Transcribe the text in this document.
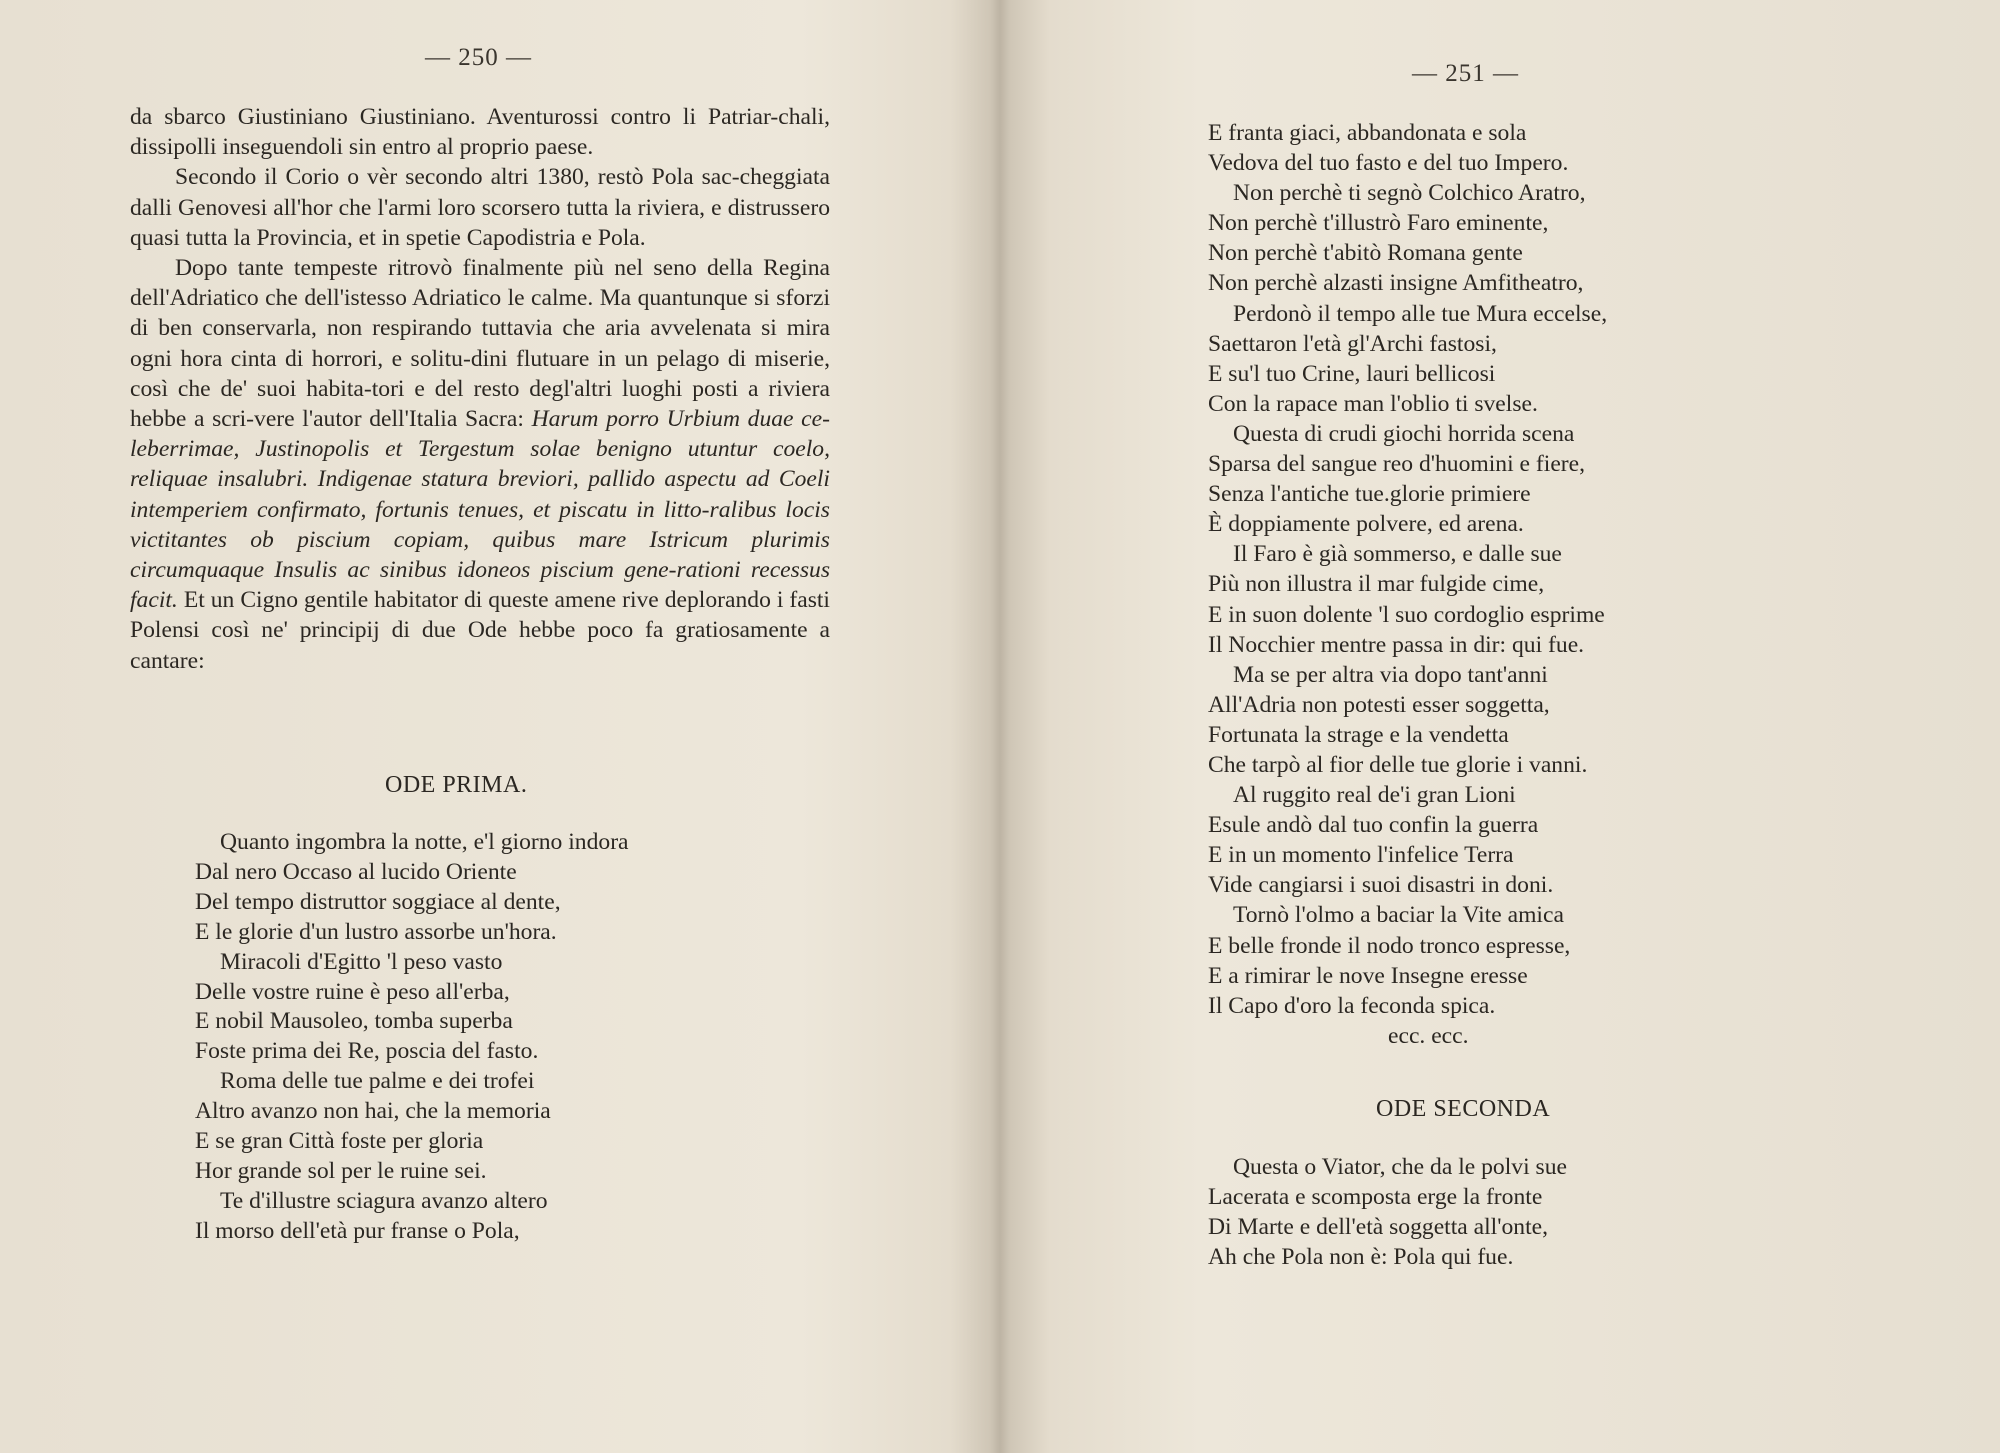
— 250 —

da sbarco Giustiniano Giustiniano. Aventurossi contro li Patriar-chali, dissipolli inseguendoli sin entro al proprio paese.

Secondo il Corio o vèr secondo altri 1380, restò Pola sac-cheggiata dalli Genovesi all'hor che l'armi loro scorsero tutta la riviera, e distrussero quasi tutta la Provincia, et in spetie Capodistria e Pola.

Dopo tante tempeste ritrovò finalmente più nel seno della Regina dell'Adriatico che dell'istesso Adriatico le calme. Ma quantunque si sforzi di ben conservarla, non respirando tuttavia che aria avvelenata si mira ogni hora cinta di horrori, e solitu-dini flutuare in un pelago di miserie, così che de' suoi habita-tori e del resto degl'altri luoghi posti a riviera hebbe a scri-vere l'autor dell'Italia Sacra: Harum porro Urbium duae ce-leberrimae, Justinopolis et Tergestum solae benigno utuntur coelo, reliquae insalubri. Indigenae statura breviori, pallido aspectu ad Coeli intemperiem confirmato, fortunis tenues, et piscatu in litto-ralibus locis victitantes ob piscium copiam, quibus mare Istricum plurimis circumquaque Insulis ac sinibus idoneos piscium gene-rationi recessus facit. Et un Cigno gentile habitator di queste amene rive deplorando i fasti Polensi così ne' principij di due Ode hebbe poco fa gratiosamente a cantare:

ODE PRIMA.
Quanto ingombra la notte, e'l giorno indora
Dal nero Occaso al lucido Oriente
Del tempo distruttor soggiace al dente,
E le glorie d'un lustro assorbe un'hora.
Miracoli d'Egitto 'l peso vasto
Delle vostre ruine è peso all'erba,
E nobil Mausoleo, tomba superba
Foste prima dei Re, poscia del fasto.
Roma delle tue palme e dei trofei
Altro avanzo non hai, che la memoria
E se gran Città foste per gloria
Hor grande sol per le ruine sei.
Te d'illustre sciagura avanzo altero
Il morso dell'età pur franse o Pola,
— 251 —
E franta giaci, abbandonata e sola
Vedova del tuo fasto e del tuo Impero.
Non perchè ti segnò Colchico Aratro,
Non perchè t'illustrò Faro eminente,
Non perchè t'abitò Romana gente
Non perchè alzasti insigne Amfitheatro,
Perdonò il tempo alle tue Mura eccelse,
Saettaron l'età gl'Archi fastosi,
E su'l tuo Crine, lauri bellicosi
Con la rapace man l'oblio ti svelse.
Questa di crudi giochi horrida scena
Sparsa del sangue reo d'huomini e fiere,
Senza l'antiche tue.glorie primiere
È doppiamente polvere, ed arena.
Il Faro è già sommerso, e dalle sue
Più non illustra il mar fulgide cime,
E in suon dolente 'l suo cordoglio esprime
Il Nocchier mentre passa in dir: qui fue.
Ma se per altra via dopo tant'anni
All'Adria non potesti esser soggetta,
Fortunata la strage e la vendetta
Che tarpò al fior delle tue glorie i vanni.
Al ruggito real de'i gran Lioni
Esule andò dal tuo confin la guerra
E in un momento l'infelice Terra
Vide cangiarsi i suoi disastri in doni.
Tornò l'olmo a baciar la Vite amica
E belle fronde il nodo tronco espresse,
E a rimirar le nove Insegne eresse
Il Capo d'oro la feconda spica.
ecc. ecc.
ODE SECONDA
Questa o Viator, che da le polvi sue
Lacerata e scomposta erge la fronte
Di Marte e dell'età soggetta all'onte,
Ah che Pola non è: Pola qui fue.
